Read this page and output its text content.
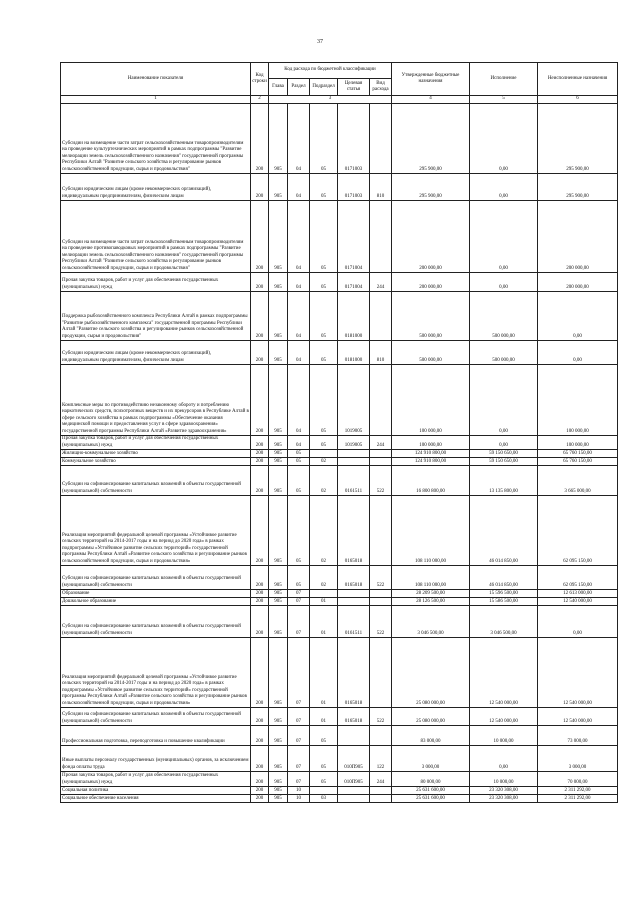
37
Наименование показателя	Код строки	Код расхода по бюджетной классификации					Утвержденные бюджетные назначения	Исполнение	Неисполненные назначения
		Глава	Раздел	Подраздел	Целевая статья	Вид расхода			
1	2	3					4	5	6
Субсидии на возмещение части затрат сельскохозяйственным товаропроизводителям на проведение культуртехнических мероприятий в рамках подпрограммы "Развитие мелиорации земель сельскохозяйственного назначения" государственной программы Республики Алтай "Развитие сельского хозяйства и регулирование рынков сельскохозяйственной продукции, сырья и продовольствия"	200	905	04	05	0171003		295 900,00	0,00	295 900,00
Субсидии юридическим лицам (кроме некоммерческих организаций), индивидуальным предпринимателям, физическим лицам	200	905	04	05	0171003	810	295 900,00	0,00	295 900,00
Субсидии на возмещение части затрат сельскохозяйственным товаропроизводителям на проведение противопаводковых мероприятий в рамках подпрограммы "Развитие мелиорации земель сельскохозяйственного назначения" государственной программы Республики Алтай "Развитие сельского хозяйства и регулирование рынков сельскохозяйственной продукции, сырья и продовольствия"	200	905	04	05	0171004		200 000,00	0,00	200 000,00
Прочая закупка товаров, работ и услуг для обеспечения государственных (муниципальных) нужд	200	905	04	05	0171004	244	200 000,00	0,00	200 000,00
Поддержка рыбохозяйственного комплекса Республики Алтай в рамках подпрограммы "Развитие рыбохозяйственного комплекса" государственной программы Республики Алтай "Развитие сельского хозяйства и регулирование рынков сельскохозяйственной продукции, сырья и продовольствия"	200	905	04	05	0181000		500 000,00	500 000,00	0,00
Субсидии юридическим лицам (кроме некоммерческих организаций), индивидуальным предпринимателям, физическим лицам	200	905	04	05	0181000	810	500 000,00	500 000,00	0,00
Комплексные меры по противодействию незаконному обороту и потреблению наркотических средств, психотропных веществ и их прекурсоров в Республике Алтай в сфере сельского хозяйства в рамках подпрограммы «Обеспечение оказания медицинской помощи и предоставления услуг в сфере здравоохранения» государственной программы Республики Алтай «Развитие здравоохранения»	200	905	04	05	1019005		100 000,00	0,00	100 000,00
Прочая закупка товаров, работ и услуг для обеспечения государственных (муниципальных) нужд	200	905	04	05	1019005	244	100 000,00	0,00	100 000,00
Жилищно-коммунальное хозяйство	200	905	05				124 910 800,00	59 150 650,00	65 760 150,00
Коммунальное хозяйство	200	905	05	02			124 910 800,00	59 150 650,00	65 760 150,00
Субсидии на софинансирование капитальных вложений в объекты государственной (муниципальной) собственности	200	905	05	02	0161511	522	16 800 800,00	13 135 800,00	3 665 000,00
Реализация мероприятий федеральной целевой программы «Устойчивое развитие сельских территорий на 2014-2017 годы и на период до 2020 года» в рамках подпрограммы «Устойчивое развитие сельских территорий» государственной программы Республики Алтай «Развитие сельского хозяйства и регулирование рынков сельскохозяйственной продукции, сырья и продовольствия»	200	905	05	02	0165018		108 110 000,00	46 014 850,00	62 095 150,00
Субсидии на софинансирование капитальных вложений в объекты государственной (муниципальной) собственности	200	905	05	02	0165018	522	108 110 000,00	46 014 850,00	62 095 150,00
Образование	200	905	07				28 209 500,00	15 596 500,00	12 613 000,00
Дошкольное образование	200	905	07	01			28 126 500,00	15 586 500,00	12 540 000,00
Субсидии на софинансирование капитальных вложений в объекты государственной (муниципальной) собственности	200	905	07	01	0161511	522	3 046 500,00	3 046 500,00	0,00
Реализация мероприятий федеральной целевой программы «Устойчивое развитие сельских территорий на 2014-2017 годы и на период до 2020 года» в рамках подпрограммы «Устойчивое развитие сельских территорий» государственной программы Республики Алтай «Развитие сельского хозяйства и регулирование рынков сельскохозяйственной продукции, сырья и продовольствия»	200	905	07	01	0165018		25 080 000,00	12 540 000,00	12 540 000,00
Субсидии на софинансирование капитальных вложений в объекты государственной (муниципальной) собственности	200	905	07	01	0165018	522	25 080 000,00	12 540 000,00	12 540 000,00
Профессиональная подготовка, переподготовка и повышение квалификации	200	905	07	05			83 000,00	10 000,00	73 000,00
Иные выплаты персоналу государственных (муниципальных) органов, за исключением фонда оплаты труда	200	905	07	05	010П905	122	3 000,00	0,00	3 000,00
Прочая закупка товаров, работ и услуг для обеспечения государственных (муниципальных) нужд	200	905	07	05	010П905	244	80 000,00	10 000,00	70 000,00
Социальная политика	200	905	10				25 631 600,00	23 320 308,00	2 311 292,00
Социальное обеспечение населения	200	905	10	03			25 631 600,00	23 320 308,00	2 311 292,00
